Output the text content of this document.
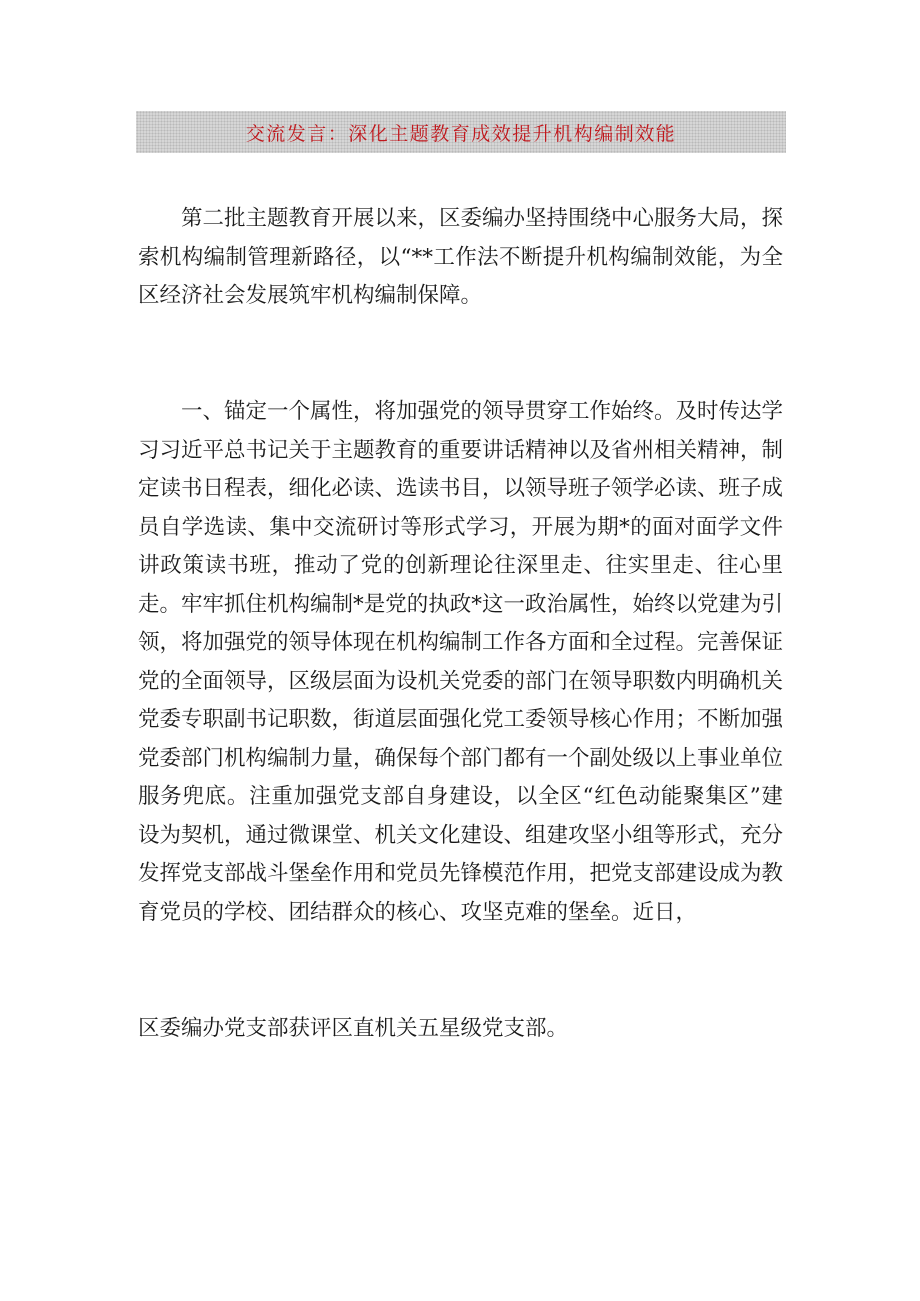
交流发言：深化主题教育成效提升机构编制效能

第二批主题教育开展以来，区委编办坚持围绕中心服务大局，探索机构编制管理新路径，以“**工作法不断提升机构编制效能，为全区经济社会发展筑牢机构编制保障。

一、锚定一个属性，将加强党的领导贯穿工作始终。及时传达学习习近平总书记关于主题教育的重要讲话精神以及省州相关精神，制定读书日程表，细化必读、选读书目，以领导班子领学必读、班子成员自学选读、集中交流研讨等形式学习，开展为期*的面对面学文件讲政策读书班，推动了党的创新理论往深里走、往实里走、往心里走。牢牢抓住机构编制*是党的执政*这一政治属性，始终以党建为引领，将加强党的领导体现在机构编制工作各方面和全过程。完善保证党的全面领导，区级层面为设机关党委的部门在领导职数内明确机关党委专职副书记职数，街道层面强化党工委领导核心作用；不断加强党委部门机构编制力量，确保每个部门都有一个副处级以上事业单位服务兜底。注重加强党支部自身建设，以全区“红色动能聚集区”建设为契机，通过微课堂、机关文化建设、组建攻坚小组等形式，充分发挥党支部战斗堡垒作用和党员先锋模范作用，把党支部建设成为教育党员的学校、团结群众的核心、攻坚克难的堡垒。近日，

区委编办党支部获评区直机关五星级党支部。
